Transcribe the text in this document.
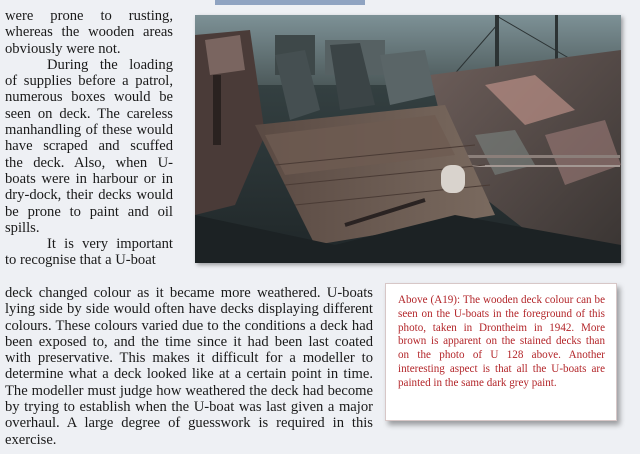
were prone to rusting, whereas the wooden areas obviously were not.

During the loading of supplies before a patrol, numerous boxes would be seen on deck. The careless manhandling of these would have scraped and scuffed the deck. Also, when U-boats were in harbour or in dry-dock, their decks would be prone to paint and oil spills.

It is very important to recognise that a U-boat

deck changed colour as it became more weathered. U-boats lying side by side would often have decks displaying different colours. These colours varied due to the conditions a deck had been exposed to, and the time since it had been last coated with preservative. This makes it difficult for a modeller to determine what a deck looked like at a certain point in time. The modeller must judge how weathered the deck had become by trying to establish when the U-boat was last given a major overhaul. A large degree of guesswork is required in this exercise.

Above (A19): The wooden deck colour can be seen on the U-boats in the foreground of this photo, taken in Drontheim in 1942. More brown is apparent on the stained decks than on the photo of U 128 above. Another interesting aspect is that all the U-boats are painted in the same dark grey paint.
